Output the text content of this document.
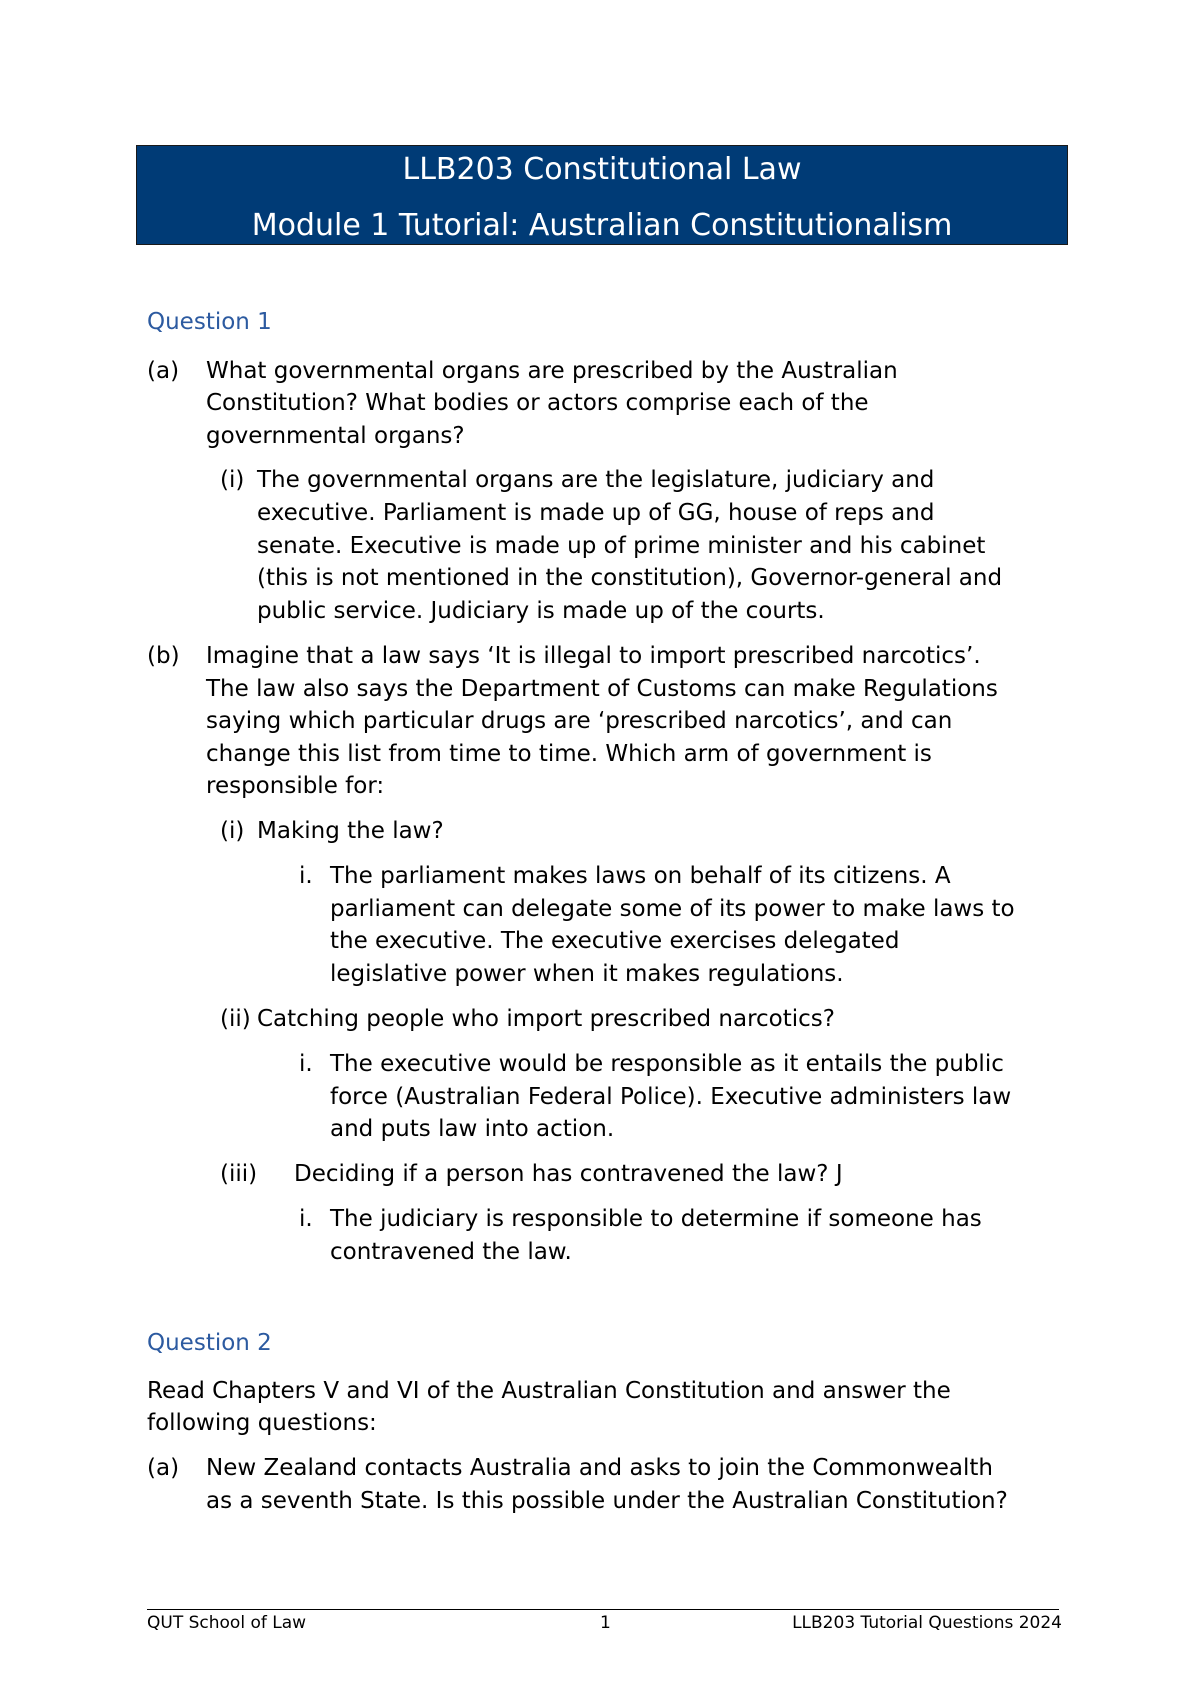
LLB203 Constitutional Law
Module 1 Tutorial: Australian Constitutionalism
Question 1
(a) What governmental organs are prescribed by the Australian
Constitution? What bodies or actors comprise each of the
governmental organs?
(i) The governmental organs are the legislature, judiciary and
executive. Parliament is made up of GG, house of reps and
senate. Executive is made up of prime minister and his cabinet
(this is not mentioned in the constitution), Governor-general and
public service. Judiciary is made up of the courts.
(b) Imagine that a law says ‘It is illegal to import prescribed narcotics’.
The law also says the Department of Customs can make Regulations
saying which particular drugs are ‘prescribed narcotics’, and can
change this list from time to time. Which arm of government is
responsible for:
(i) Making the law?
i. The parliament makes laws on behalf of its citizens. A
parliament can delegate some of its power to make laws to
the executive. The executive exercises delegated
legislative power when it makes regulations.
(ii) Catching people who import prescribed narcotics?
i. The executive would be responsible as it entails the public
force (Australian Federal Police). Executive administers law
and puts law into action.
(iii) Deciding if a person has contravened the law? J
i. The judiciary is responsible to determine if someone has
contravened the law.
Question 2
Read Chapters V and VI of the Australian Constitution and answer the
following questions:
(a) New Zealand contacts Australia and asks to join the Commonwealth
as a seventh State. Is this possible under the Australian Constitution?
QUT School of Law	1	LLB203 Tutorial Questions 2024
